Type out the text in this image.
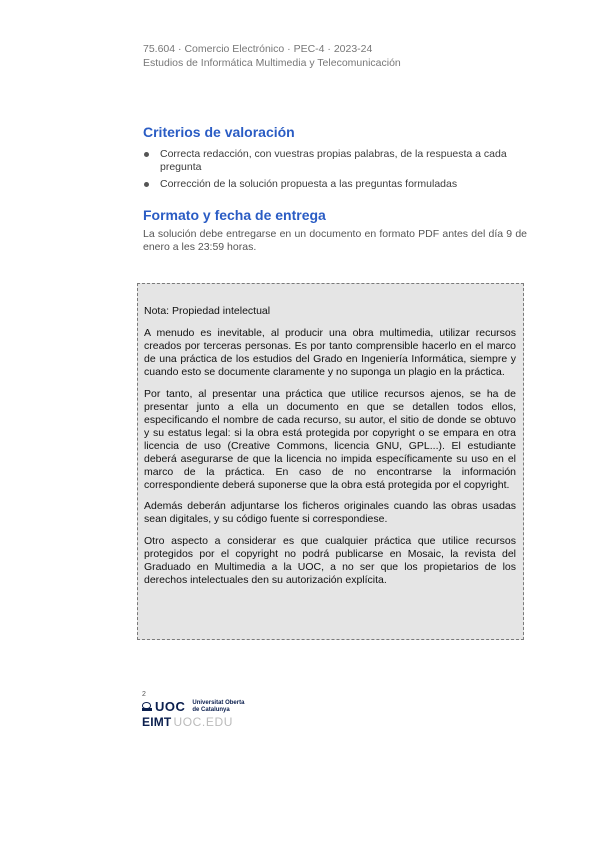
75.604 · Comercio Electrónico · PEC-4 · 2023-24
Estudios de Informática Multimedia y Telecomunicación
Criterios de valoración
Correcta redacción, con vuestras propias palabras, de la respuesta a cada pregunta
Corrección de la solución propuesta a las preguntas formuladas
Formato y fecha de entrega

La solución debe entregarse en un documento en formato PDF antes del día 9 de enero a les 23:59 horas.

Nota: Propiedad intelectual

A menudo es inevitable, al producir una obra multimedia, utilizar recursos creados por terceras personas. Es por tanto comprensible hacerlo en el marco de una práctica de los estudios del Grado en Ingeniería Informática, siempre y cuando esto se documente claramente y no suponga un plagio en la práctica.

Por tanto, al presentar una práctica que utilice recursos ajenos, se ha de presentar junto a ella un documento en que se detallen todos ellos, especificando el nombre de cada recurso, su autor, el sitio de donde se obtuvo y su estatus legal: si la obra está protegida por copyright o se empara en otra licencia de uso (Creative Commons, licencia GNU, GPL...). El estudiante deberá asegurarse de que la licencia no impida específicamente su uso en el marco de la práctica. En caso de no encontrarse la información correspondiente deberá suponerse que la obra está protegida por el copyright.

Además deberán adjuntarse los ficheros originales cuando las obras usadas sean digitales, y su código fuente si correspondiese.

Otro aspecto a considerar es que cualquier práctica que utilice recursos protegidos por el copyright no podrá publicarse en Mosaic, la revista del Graduado en Multimedia a la UOC, a no ser que los propietarios de los derechos intelectuales den su autorización explícita.

2
UOC Universitat Oberta
de Catalunya
EIMT UOC.EDU
